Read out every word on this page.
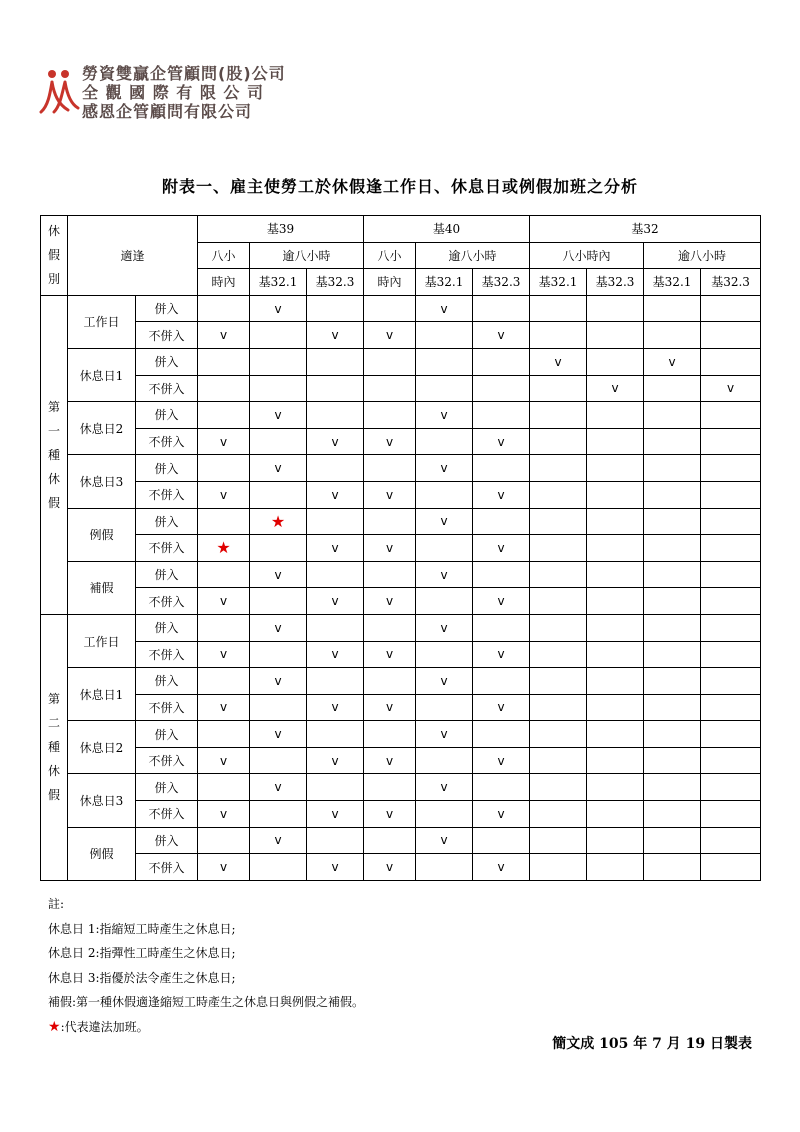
勞資雙贏企管顧問(股)公司
全 觀 國 際 有 限 公 司
感恩企管顧問有限公司
附表一、雇主使勞工於休假逢工作日、休息日或例假加班之分析
休
假
別	適逢		基39			基40			基32			
			八小	逾八小時		八小	逾八小時		八小時內		逾八小時	
			時內	基32.1	基32.3	時內	基32.1	基32.3	基32.1	基32.3	基32.1	基32.3

第
一
種
休
假	工作日	併入		v			v					
		不併入	v		v	v		v				
	休息日1	併入							v		v	
		不併入								v		v
	休息日2	併入		v			v					
		不併入	v		v	v		v				
	休息日3	併入		v			v					
		不併入	v		v	v		v				
	例假	併入		★			v					
		不併入	★		v	v		v				
	補假	併入		v			v					
		不併入	v		v	v		v				

第
二
種
休
假	工作日	併入		v			v					
		不併入	v		v	v		v				
	休息日1	併入		v			v					
		不併入	v		v	v		v				
	休息日2	併入		v			v					
		不併入	v		v	v		v				
	休息日3	併入		v			v					
		不併入	v		v	v		v				
	例假	併入		v			v					
		不併入	v		v	v		v				
註:
休息日 1:指縮短工時產生之休息日;
休息日 2:指彈性工時產生之休息日;
休息日 3:指優於法令產生之休息日;
補假:第一種休假適逢縮短工時產生之休息日與例假之補假。
★:代表違法加班。
簡文成 105 年 7 月 19 日製表
